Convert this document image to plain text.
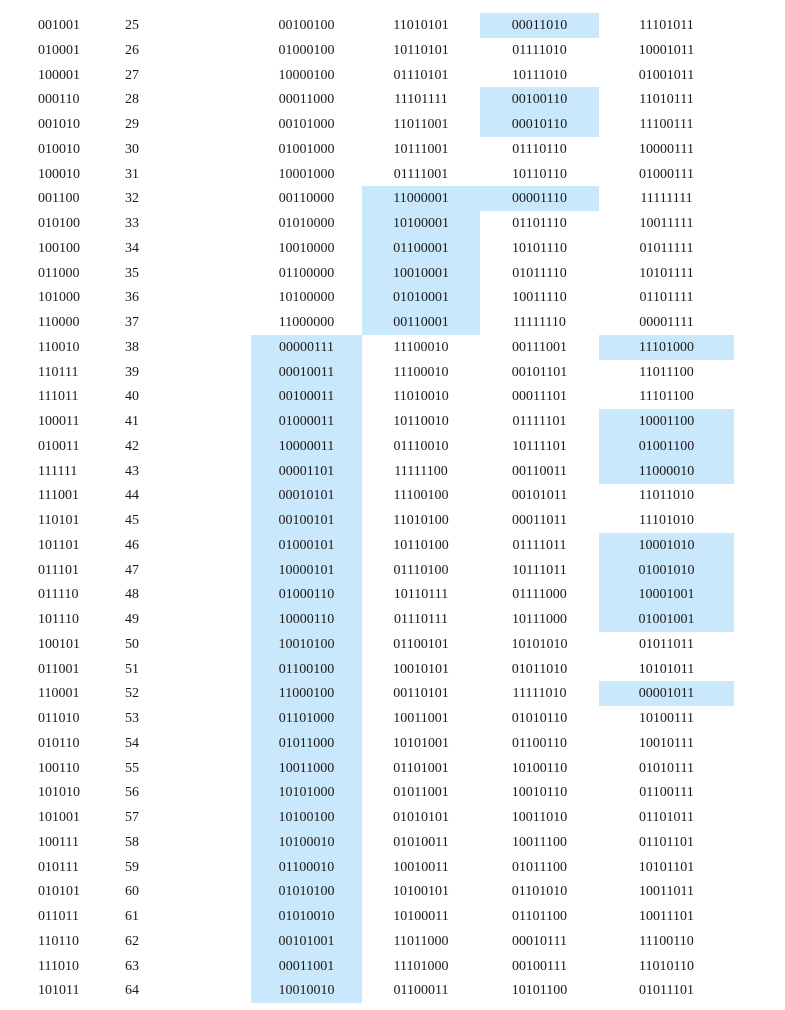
001001	25	00100100	11010101	00011010	11101011
010001	26	01000100	10110101	01111010	10001011
100001	27	10000100	01110101	10111010	01001011
000110	28	00011000	11101111	00100110	11010111
001010	29	00101000	11011001	00010110	11100111
010010	30	01001000	10111001	01110110	10000111
100010	31	10001000	01111001	10110110	01000111
001100	32	00110000	11000001	00001110	11111111
010100	33	01010000	10100001	01101110	10011111
100100	34	10010000	01100001	10101110	01011111
011000	35	01100000	10010001	01011110	10101111
101000	36	10100000	01010001	10011110	01101111
110000	37	11000000	00110001	11111110	00001111
110010	38	00000111	11100010	00111001	11101000
110111	39	00010011	11100010	00101101	11011100
111011	40	00100011	11010010	00011101	11101100
100011	41	01000011	10110010	01111101	10001100
010011	42	10000011	01110010	10111101	01001100
111111	43	00001101	11111100	00110011	11000010
111001	44	00010101	11100100	00101011	11011010
110101	45	00100101	11010100	00011011	11101010
101101	46	01000101	10110100	01111011	10001010
011101	47	10000101	01110100	10111011	01001010
011110	48	01000110	10110111	01111000	10001001
101110	49	10000110	01110111	10111000	01001001
100101	50	10010100	01100101	10101010	01011011
011001	51	01100100	10010101	01011010	10101011
110001	52	11000100	00110101	11111010	00001011
011010	53	01101000	10011001	01010110	10100111
010110	54	01011000	10101001	01100110	10010111
100110	55	10011000	01101001	10100110	01010111
101010	56	10101000	01011001	10010110	01100111
101001	57	10100100	01010101	10011010	01101011
100111	58	10100010	01010011	10011100	01101101
010111	59	01100010	10010011	01011100	10101101
010101	60	01010100	10100101	01101010	10011011
011011	61	01010010	10100011	01101100	10011101
110110	62	00101001	11011000	00010111	11100110
111010	63	00011001	11101000	00100111	11010110
101011	64	10010010	01100011	10101100	01011101
